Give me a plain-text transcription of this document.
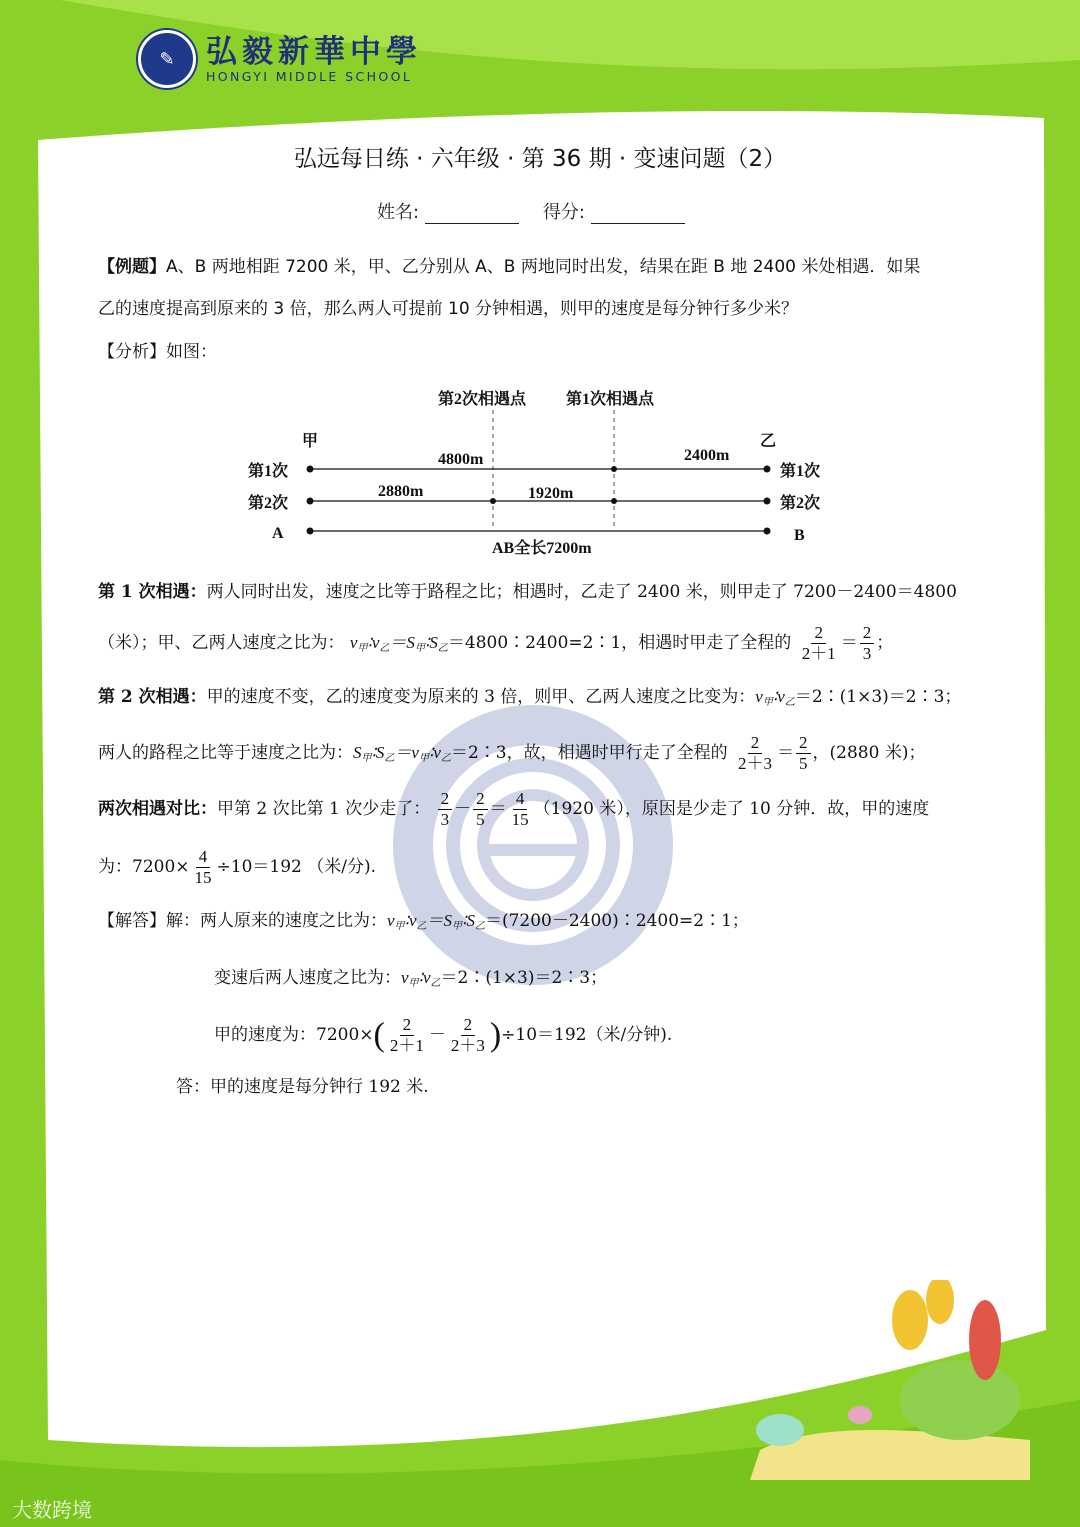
✎	弘毅新華中學
HONGYI MIDDLE SCHOOL
弘远每日练 · 六年级 · 第 36 期 · 变速问题（2）
姓名:	得分:
【例题】A、B 两地相距 7200 米，甲、乙分别从 A、B 两地同时出发，结果在距 B 地 2400 米处相遇．如果
乙的速度提高到原来的 3 倍，那么两人可提前 10 分钟相遇，则甲的速度是每分钟行多少米？
【分析】如图：
第2次相遇点 第1次相遇点
甲	乙
第1次	第1次
第2次	第2次
A	B
4800m	2400m
2880m	1920m
AB全长7200m
第 1 次相遇：两人同时出发，速度之比等于路程之比；相遇时，乙走了 2400 米，则甲走了 7200－2400＝4800
（米）；甲、乙两人速度之比为： $v_甲∶v_乙=S_甲∶S_乙=4800∶2400=2∶1$，相遇时甲走了全程的 $\frac{2}{2+1} = \frac{2}{3}$ ；
第 2 次相遇：甲的速度不变，乙的速度变为原来的 3 倍，则甲、乙两人速度之比变为：$v_甲∶v_乙=2∶(1\times 3)=2∶3$；
两人的路程之比等于速度之比为：$S_甲∶S_乙=v_甲∶v_乙=2∶3$，故，相遇时甲行走了全程的 $\frac{2}{2+3} = \frac{2}{5}$ ，(2880 米)；
两次相遇对比：甲第 2 次比第 1 次少走了： $\frac{2}{3} - \frac{2}{5} = \frac{4}{15} (1920$ 米），原因是少走了 10 分钟．故，甲的速度
为：$7200\times \frac{4}{15} \div 10=192$ （米/分).
【解答】解：两人原来的速度之比为：$v_甲∶v_乙=S_甲∶S_乙=(7200-2400)∶2400=2∶1$；
变速后两人速度之比为：$v_甲∶v_乙=2∶(1\times 3)=2∶3$；
甲的速度为：$7200\times( \frac{2}{2+1} - \frac{2}{2+3} )\div 10=192$（米/分钟).
答：甲的速度是每分钟行 192 米.
大数跨境
